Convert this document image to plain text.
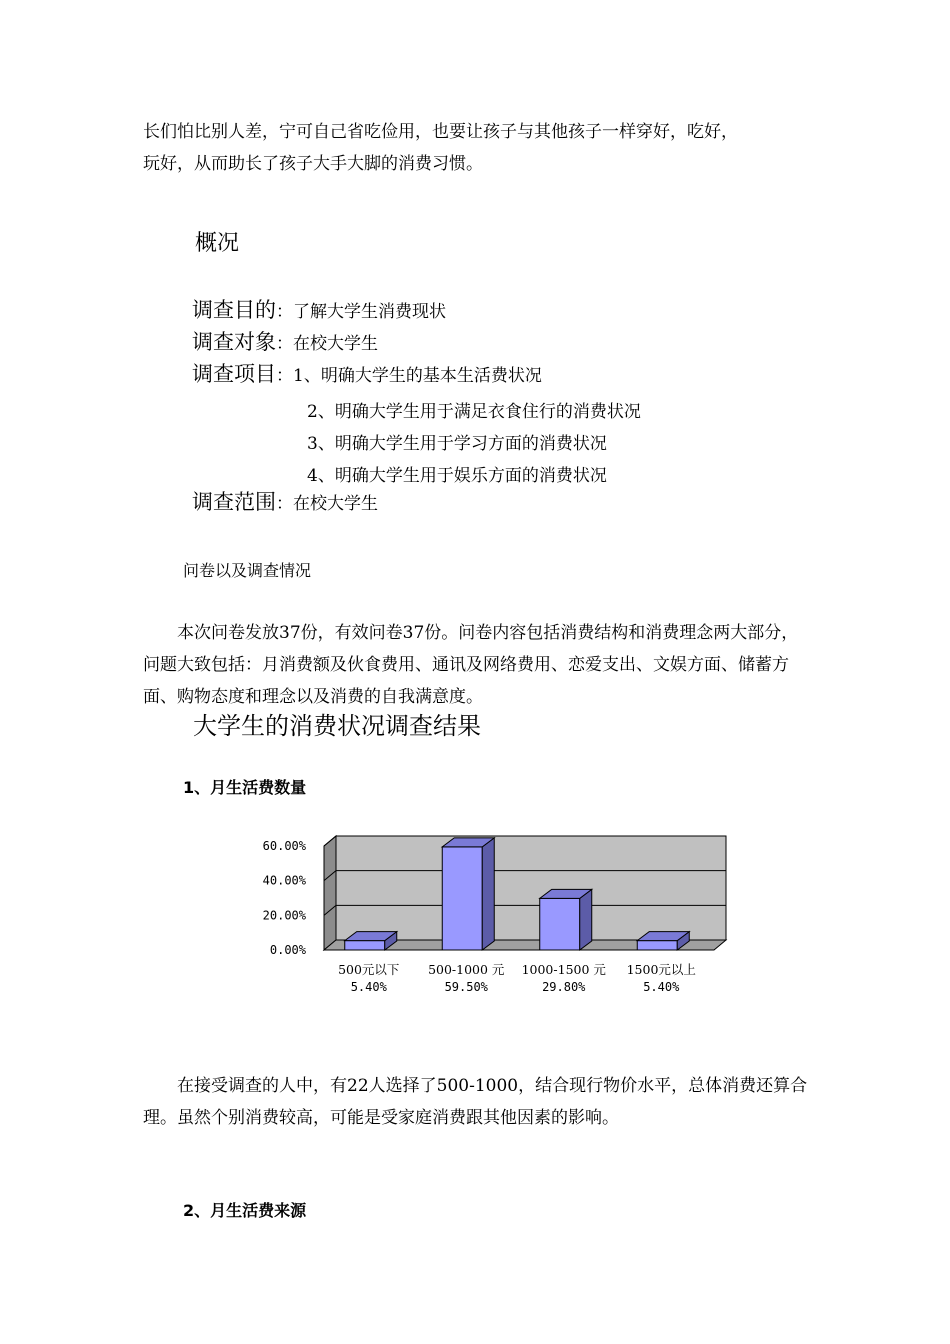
长们怕比别人差，宁可自己省吃俭用，也要让孩子与其他孩子一样穿好，吃好，
玩好，从而助长了孩子大手大脚的消费习惯。
概况
调查目的：了解大学生消费现状
调查对象：在校大学生
调查项目：1、明确大学生的基本生活费状况
2、明确大学生用于满足衣食住行的消费状况
3、明确大学生用于学习方面的消费状况
4、明确大学生用于娱乐方面的消费状况
调查范围：在校大学生
问卷以及调查情况
本次问卷发放37份，有效问卷37份。问卷内容包括消费结构和消费理念两大部分，问题大致包括：月消费额及伙食费用、通讯及网络费用、恋爱支出、文娱方面、储蓄方面、购物态度和理念以及消费的自我满意度。
大学生的消费状况调查结果
1、月生活费数量
0.00%
20.00%
40.00%
60.00%
500元以下
5.40%
500-1000 元
59.50%
1000-1500 元
29.80%
1500元以上
5.40%
在接受调查的人中，有22人选择了500-1000，结合现行物价水平，总体消费还算合理。虽然个别消费较高，可能是受家庭消费跟其他因素的影响。
2、月生活费来源
